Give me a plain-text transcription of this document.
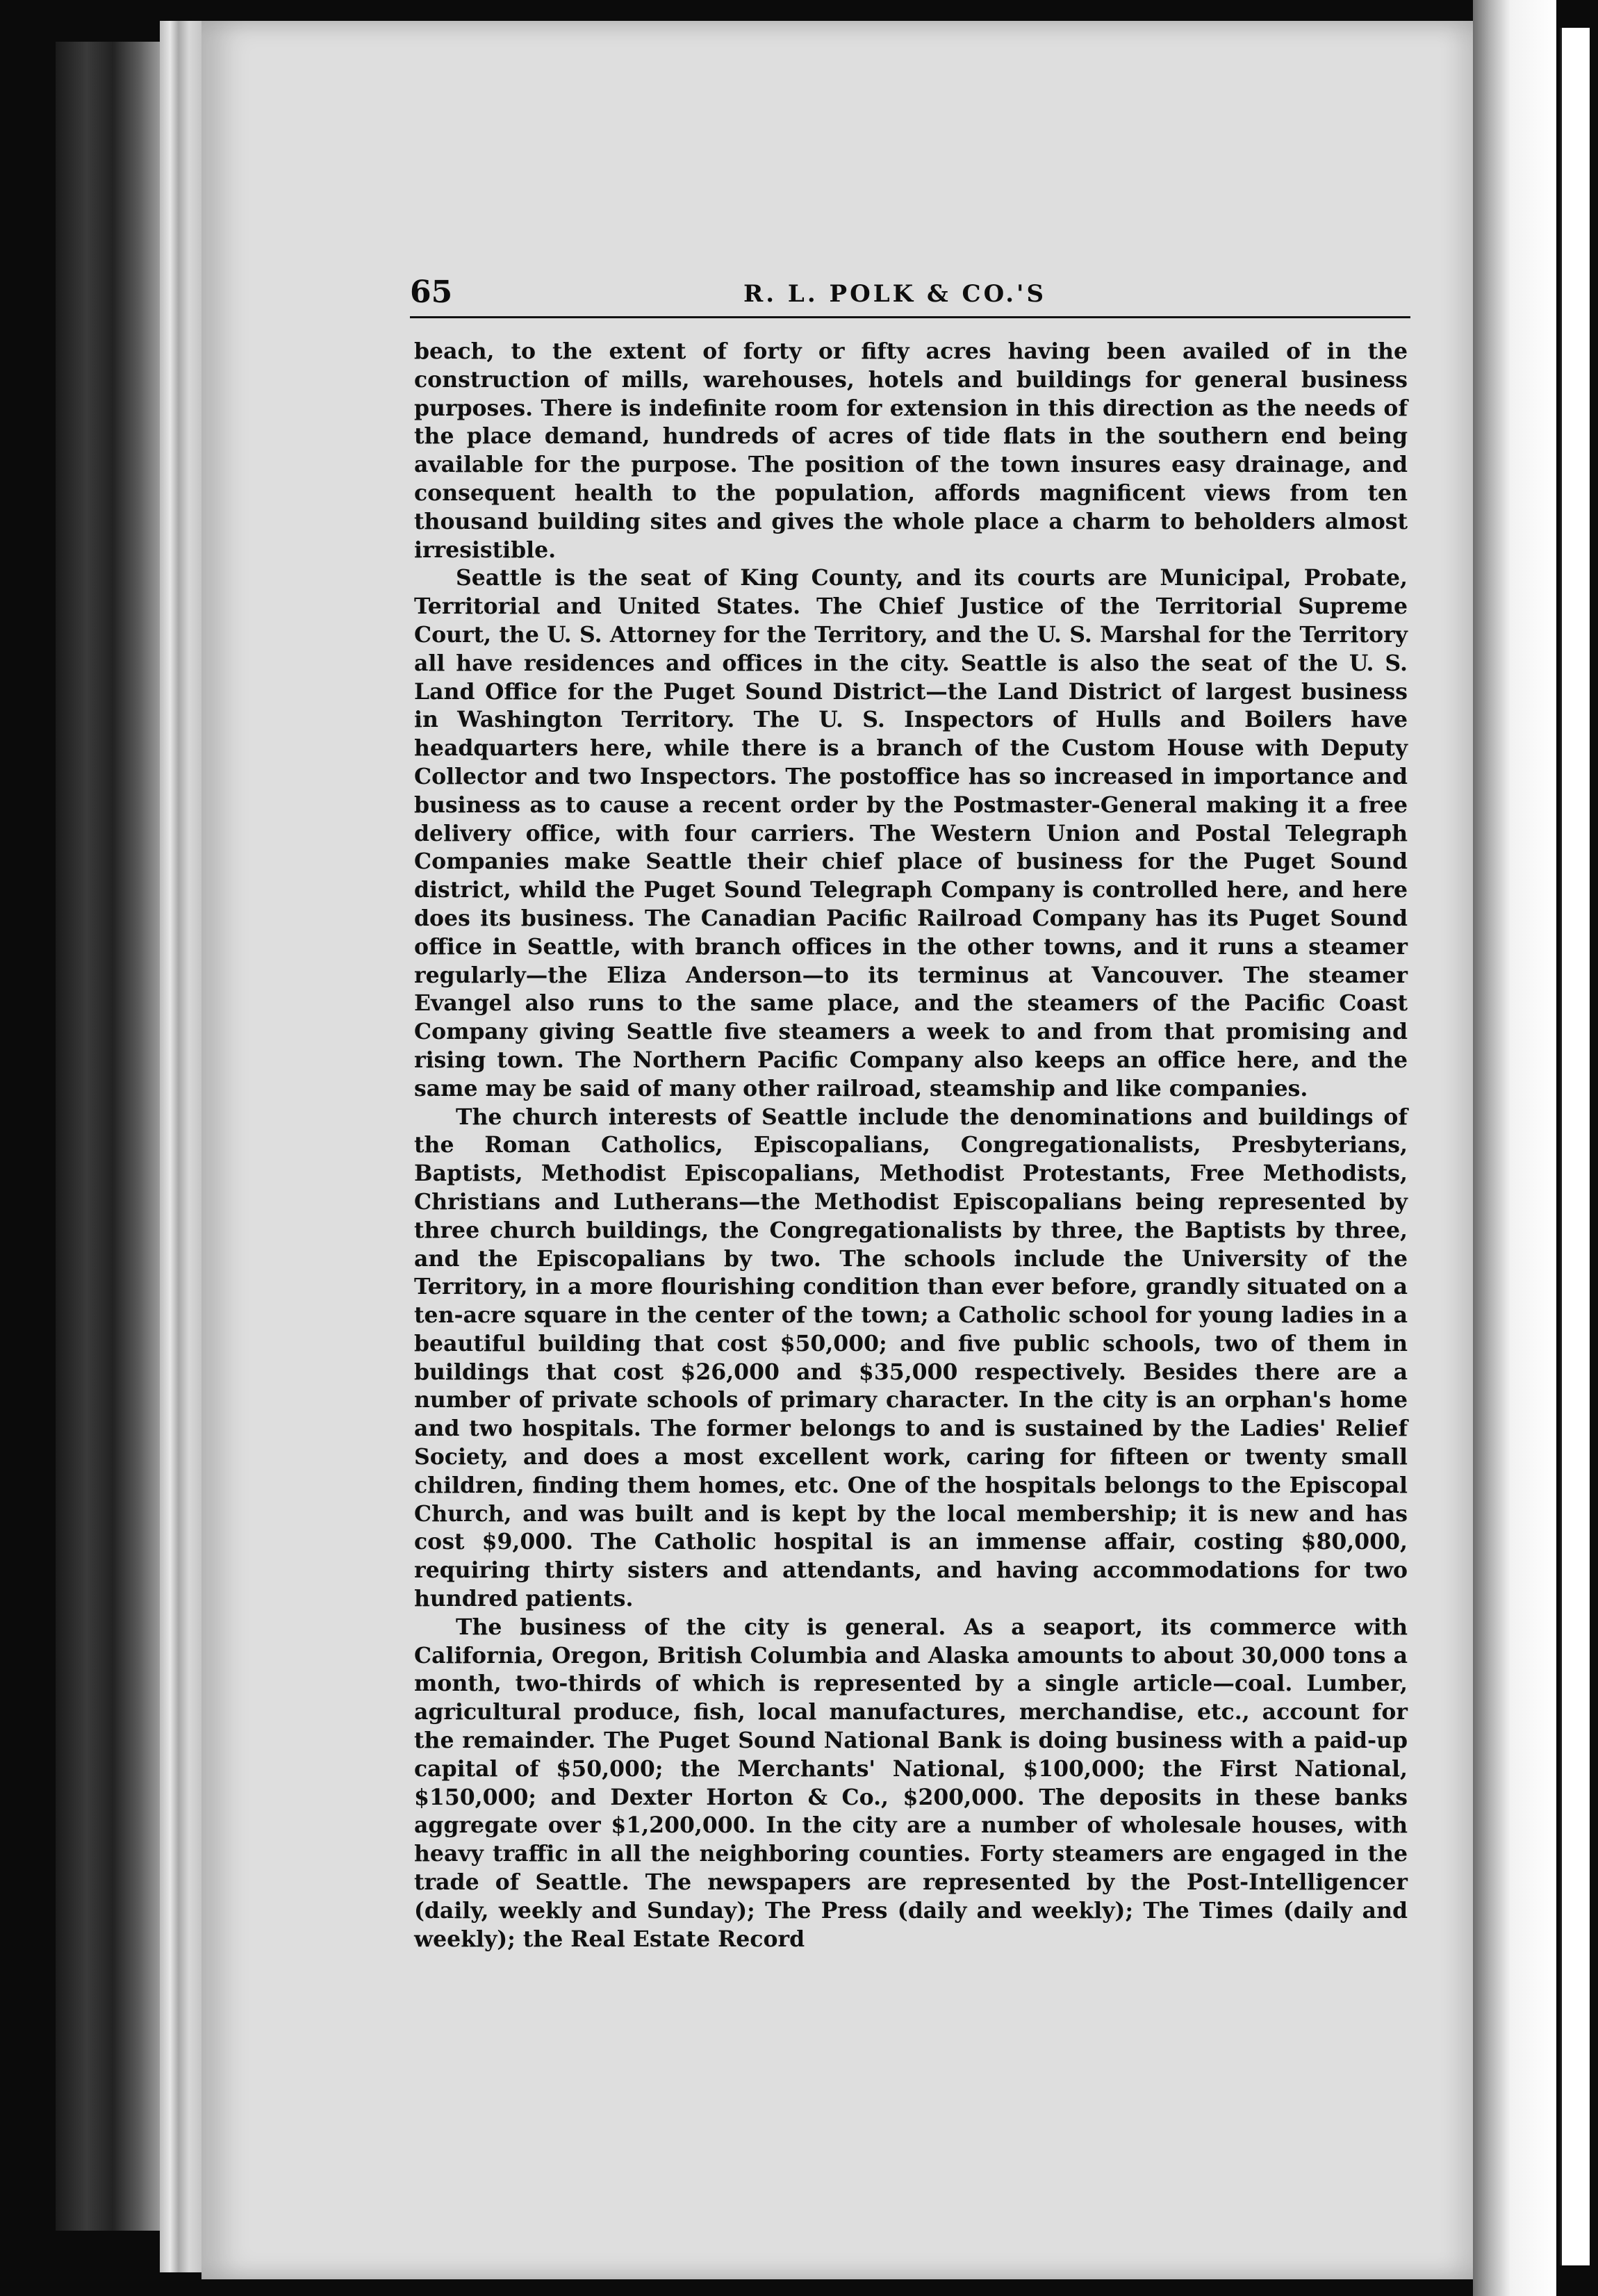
65	R. L. POLK & CO.'S

beach, to the extent of forty or fifty acres having been availed of in the construction of mills, warehouses, hotels and buildings for general business purposes. There is indefinite room for extension in this direction as the needs of the place demand, hundreds of acres of tide flats in the southern end being available for the purpose. The position of the town insures easy drainage, and consequent health to the population, affords magnificent views from ten thousand building sites and gives the whole place a charm to beholders almost irresistible.

Seattle is the seat of King County, and its courts are Municipal, Probate, Territorial and United States. The Chief Justice of the Territorial Supreme Court, the U. S. Attorney for the Territory, and the U. S. Marshal for the Territory all have residences and offices in the city. Seattle is also the seat of the U. S. Land Office for the Puget Sound District—the Land District of largest business in Washington Territory. The U. S. Inspectors of Hulls and Boilers have headquarters here, while there is a branch of the Custom House with Deputy Collector and two Inspectors. The postoffice has so increased in importance and business as to cause a recent order by the Postmaster-General making it a free delivery office, with four carriers. The Western Union and Postal Telegraph Companies make Seattle their chief place of business for the Puget Sound district, whild the Puget Sound Telegraph Company is controlled here, and here does its business. The Canadian Pacific Railroad Company has its Puget Sound office in Seattle, with branch offices in the other towns, and it runs a steamer regularly—the Eliza Anderson—to its terminus at Vancouver. The steamer Evangel also runs to the same place, and the steamers of the Pacific Coast Company giving Seattle five steamers a week to and from that promising and rising town. The Northern Pacific Company also keeps an office here, and the same may be said of many other railroad, steamship and like companies.

The church interests of Seattle include the denominations and buildings of the Roman Catholics, Episcopalians, Congregationalists, Presbyterians, Baptists, Methodist Episcopalians, Methodist Protestants, Free Methodists, Christians and Lutherans—the Methodist Episcopalians being represented by three church buildings, the Congregationalists by three, the Baptists by three, and the Episcopalians by two. The schools include the University of the Territory, in a more flourishing condition than ever before, grandly situated on a ten-acre square in the center of the town; a Catholic school for young ladies in a beautiful building that cost $50,000; and five public schools, two of them in buildings that cost $26,000 and $35,000 respectively. Besides there are a number of private schools of primary character. In the city is an orphan's home and two hospitals. The former belongs to and is sustained by the Ladies' Relief Society, and does a most excellent work, caring for fifteen or twenty small children, finding them homes, etc. One of the hospitals belongs to the Episcopal Church, and was built and is kept by the local membership; it is new and has cost $9,000. The Catholic hospital is an immense affair, costing $80,000, requiring thirty sisters and attendants, and having accommodations for two hundred patients.

The business of the city is general. As a seaport, its commerce with California, Oregon, British Columbia and Alaska amounts to about 30,000 tons a month, two-thirds of which is represented by a single article—coal. Lumber, agricultural produce, fish, local manufactures, merchandise, etc., account for the remainder. The Puget Sound National Bank is doing business with a paid-up capital of $50,000; the Merchants' National, $100,000; the First National, $150,000; and Dexter Horton & Co., $200,000. The deposits in these banks aggregate over $1,200,000. In the city are a number of wholesale houses, with heavy traffic in all the neighboring counties. Forty steamers are engaged in the trade of Seattle. The newspapers are represented by the Post-Intelligencer (daily, weekly and Sunday); The Press (daily and weekly); The Times (daily and weekly); the Real Estate Record
